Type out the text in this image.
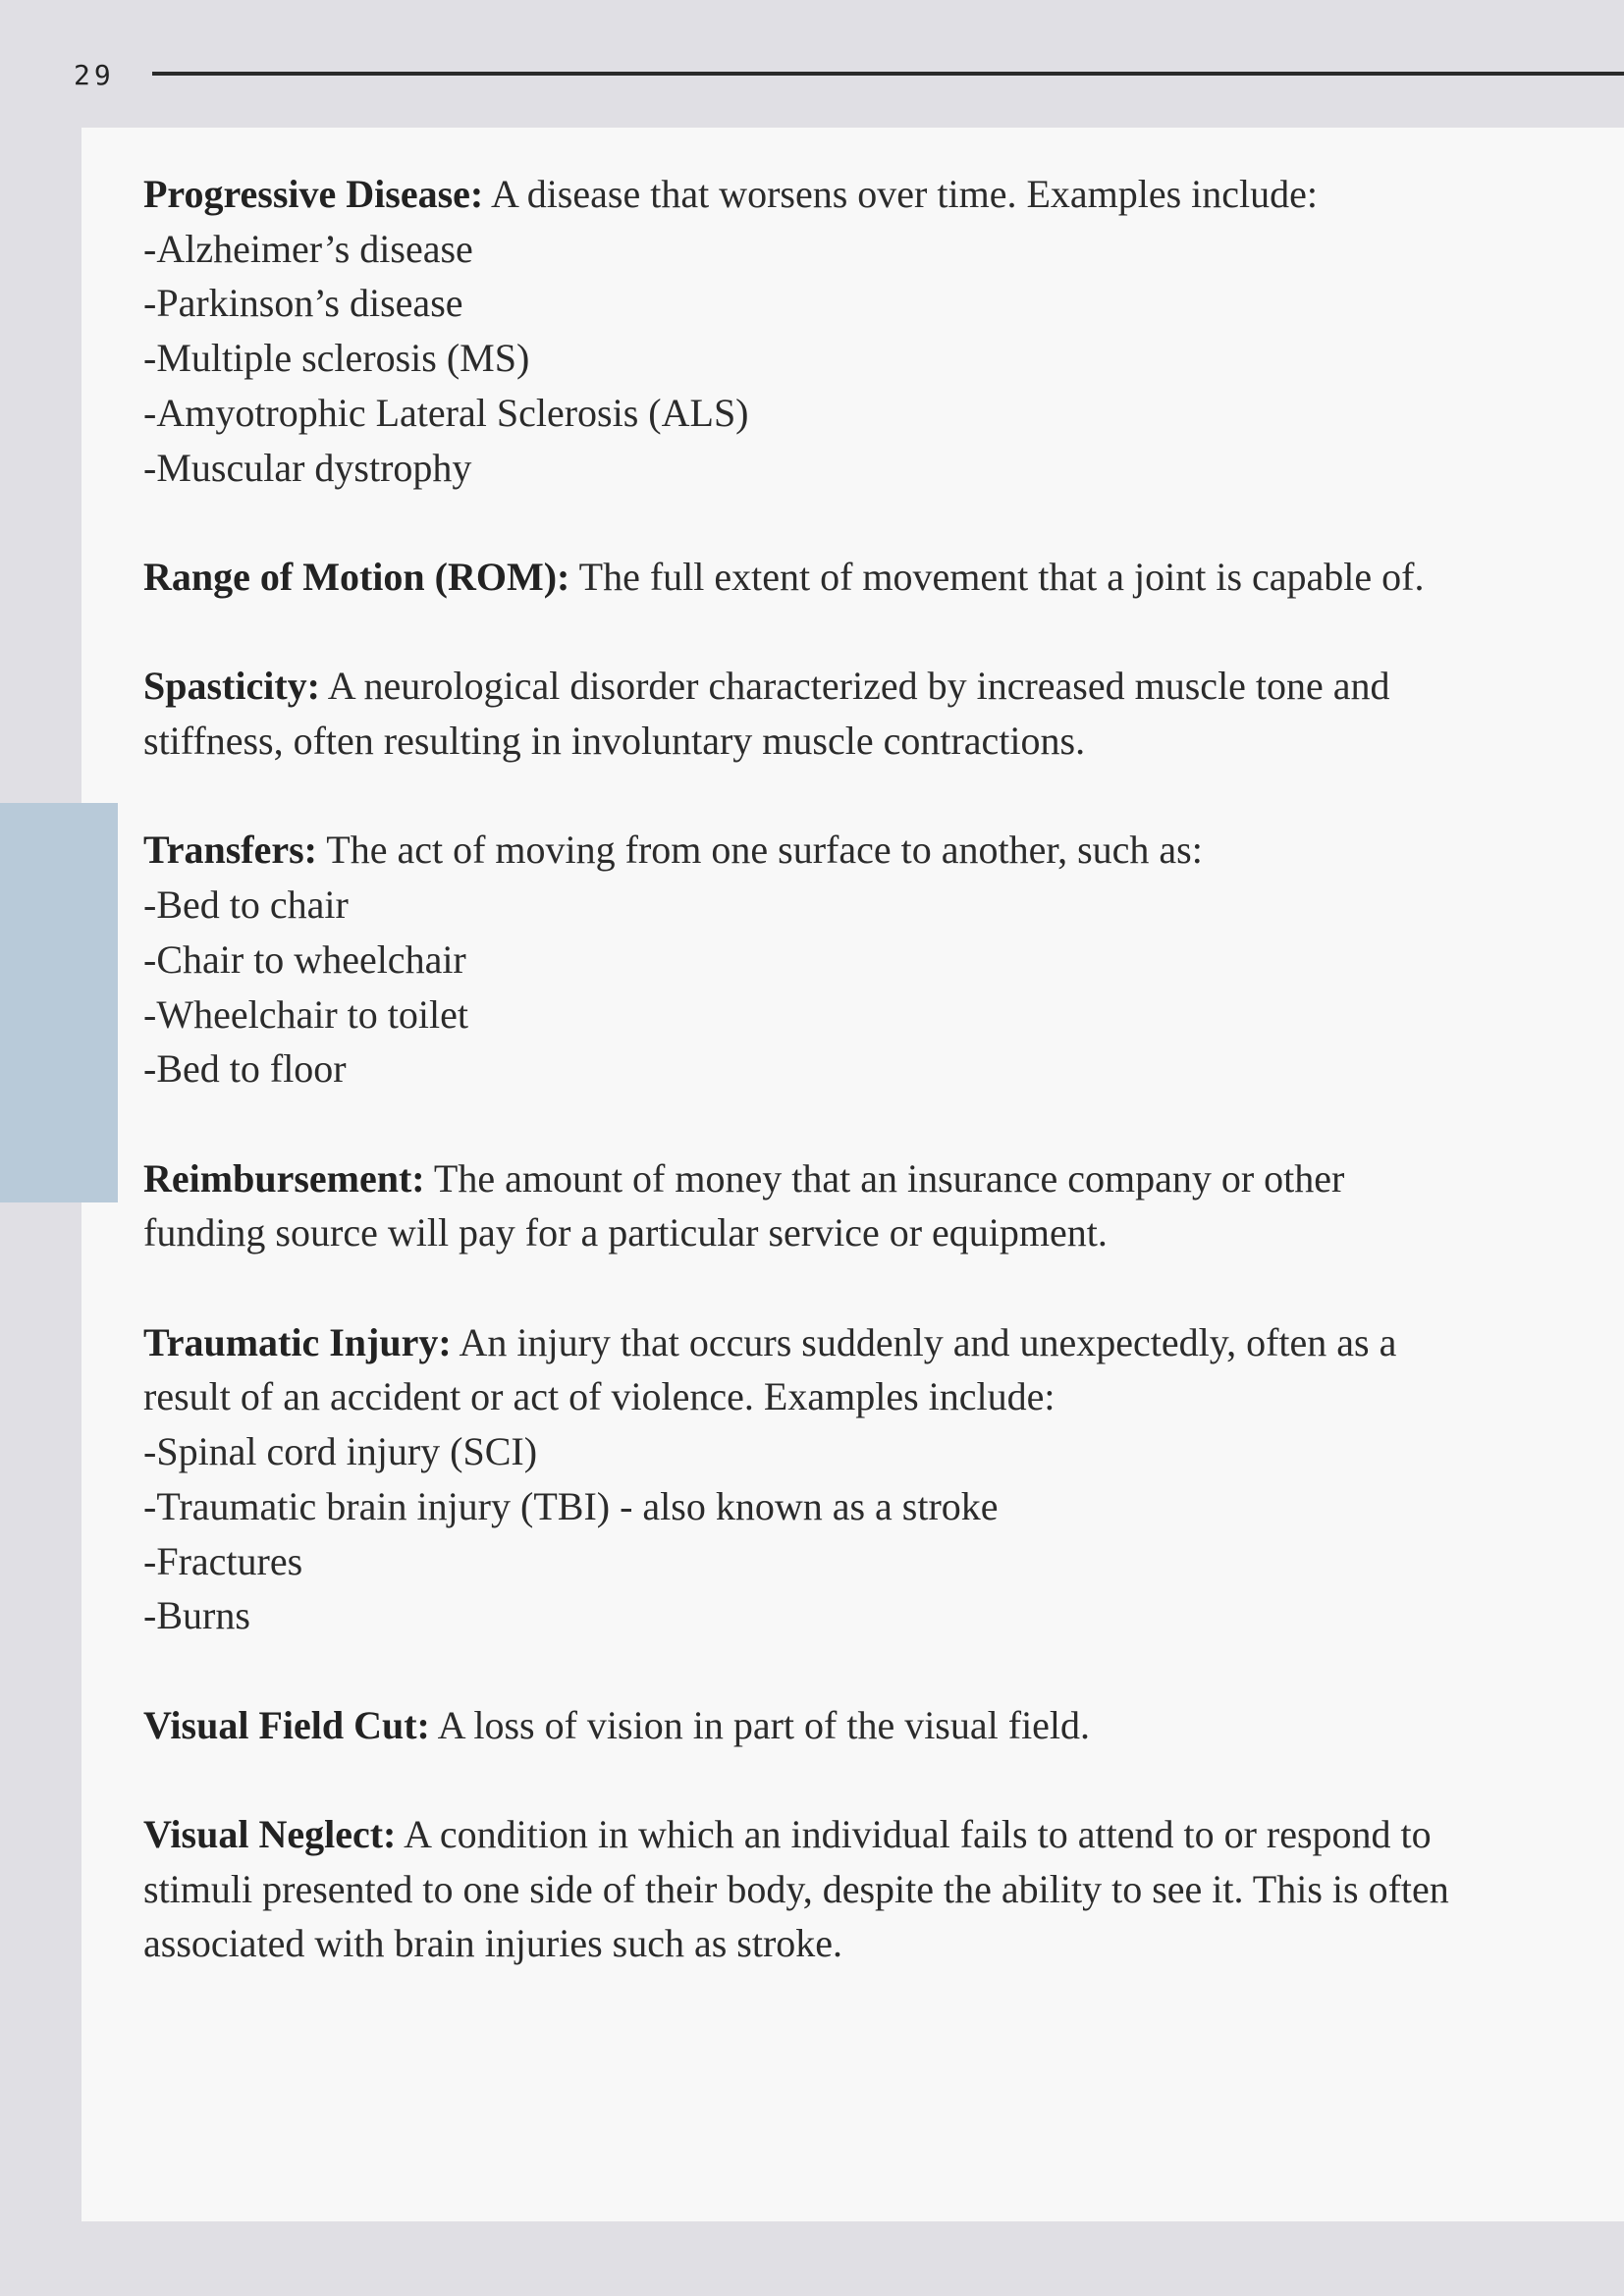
29
Progressive Disease: A disease that worsens over time. Examples include:
-Alzheimer’s disease
-Parkinson’s disease
-Multiple sclerosis (MS)
-Amyotrophic Lateral Sclerosis (ALS)
-Muscular dystrophy
Range of Motion (ROM): The full extent of movement that a joint is capable of.
Spasticity: A neurological disorder characterized by increased muscle tone and
stiffness, often resulting in involuntary muscle contractions.
Transfers: The act of moving from one surface to another, such as:
-Bed to chair
-Chair to wheelchair
-Wheelchair to toilet
-Bed to floor
Reimbursement: The amount of money that an insurance company or other
funding source will pay for a particular service or equipment.
Traumatic Injury: An injury that occurs suddenly and unexpectedly, often as a
result of an accident or act of violence. Examples include:
-Spinal cord injury (SCI)
-Traumatic brain injury (TBI) - also known as a stroke
-Fractures
-Burns
Visual Field Cut: A loss of vision in part of the visual field.
Visual Neglect: A condition in which an individual fails to attend to or respond to
stimuli presented to one side of their body, despite the ability to see it. This is often
associated with brain injuries such as stroke.
